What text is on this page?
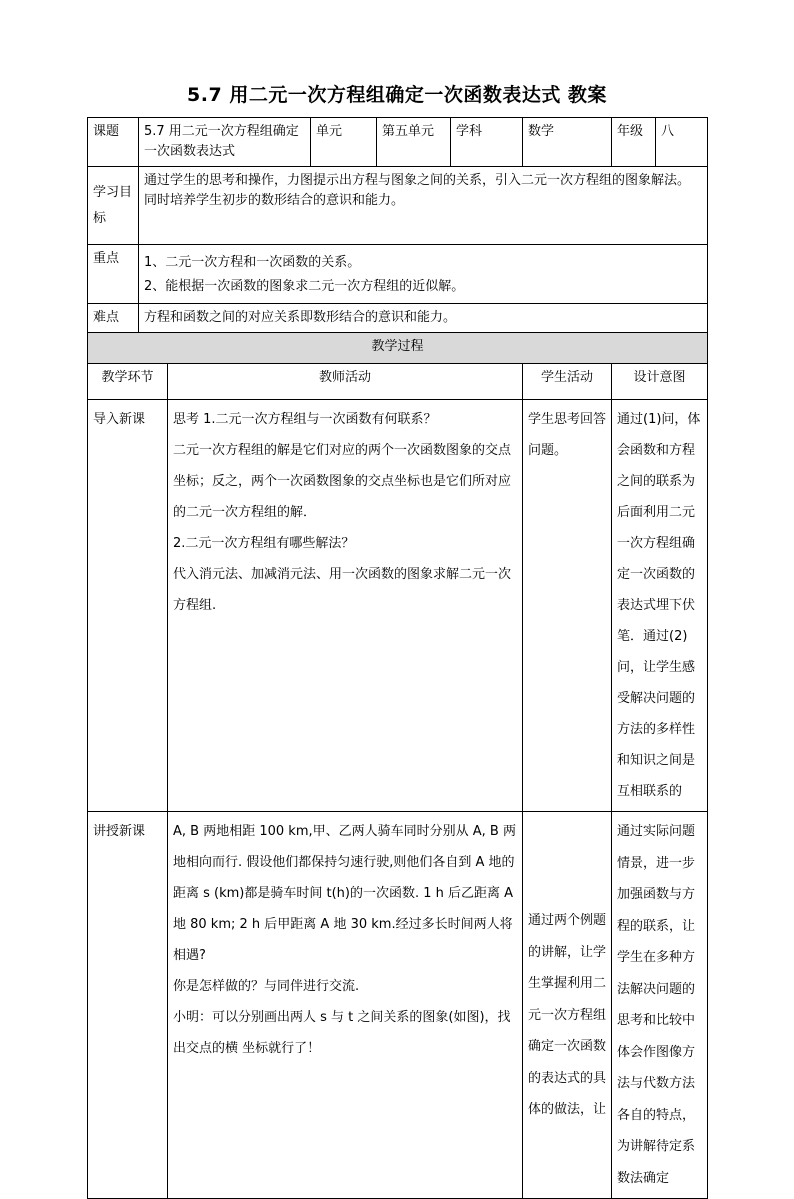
5.7 用二元一次方程组确定一次函数表达式 教案
课题	5.7 用二元一次方程组确定一次函数表达式		单元	第五单元	学科	数学	年级	八
学习目标	通过学生的思考和操作，力图提示出方程与图象之间的关系，引入二元一次方程组的图象解法。同时培养学生初步的数形结合的意识和能力。							
重点	1、二元一次方程和一次函数的关系。

2、能根据一次函数的图象求二元一次方程组的近似解。							

难点	方程和函数之间的对应关系即数形结合的意识和能力。							
教学过程								
教学环节		教师活动				学生活动	设计意图	
导入新课		思考 1.二元一次方程组与一次函数有何联系？

二元一次方程组的解是它们对应的两个一次函数图象的交点坐标；反之，两个一次函数图象的交点坐标也是它们所对应的二元一次方程组的解．

2.二元一次方程组有哪些解法？

代入消元法、加减消元法、用一次函数的图象求解二元一次方程组.				学生思考回答问题。	通过(1)问，体会函数和方程之间的联系为后面利用二元一次方程组确定一次函数的表达式埋下伏笔．通过(2)问，让学生感受解决问题的方法的多样性和知识之间是互相联系的	
讲授新课		A, B 两地相距 100 km,甲、乙两人骑车同时分别从 A, B 两地相向而行. 假设他们都保持匀速行驶,则他们各自到 A 地的距离 s (km)都是骑车时间 t(h)的一次函数. 1 h 后乙距离 A 地 80 km; 2 h 后甲距离 A 地 30 km.经过多长时间两人将相遇?

你是怎样做的？与同伴进行交流.

小明：可以分别画出两人 s 与 t 之间关系的图象(如图)，找出交点的横 坐标就行了！				通过两个例题的讲解，让学生掌握利用二元一次方程组确定一次函数的表达式的具体的做法，让	通过实际问题情景，进一步加强函数与方程的联系，让学生在多种方法解决问题的思考和比较中体会作图像方法与代数方法各自的特点，为讲解待定系数法确定	
